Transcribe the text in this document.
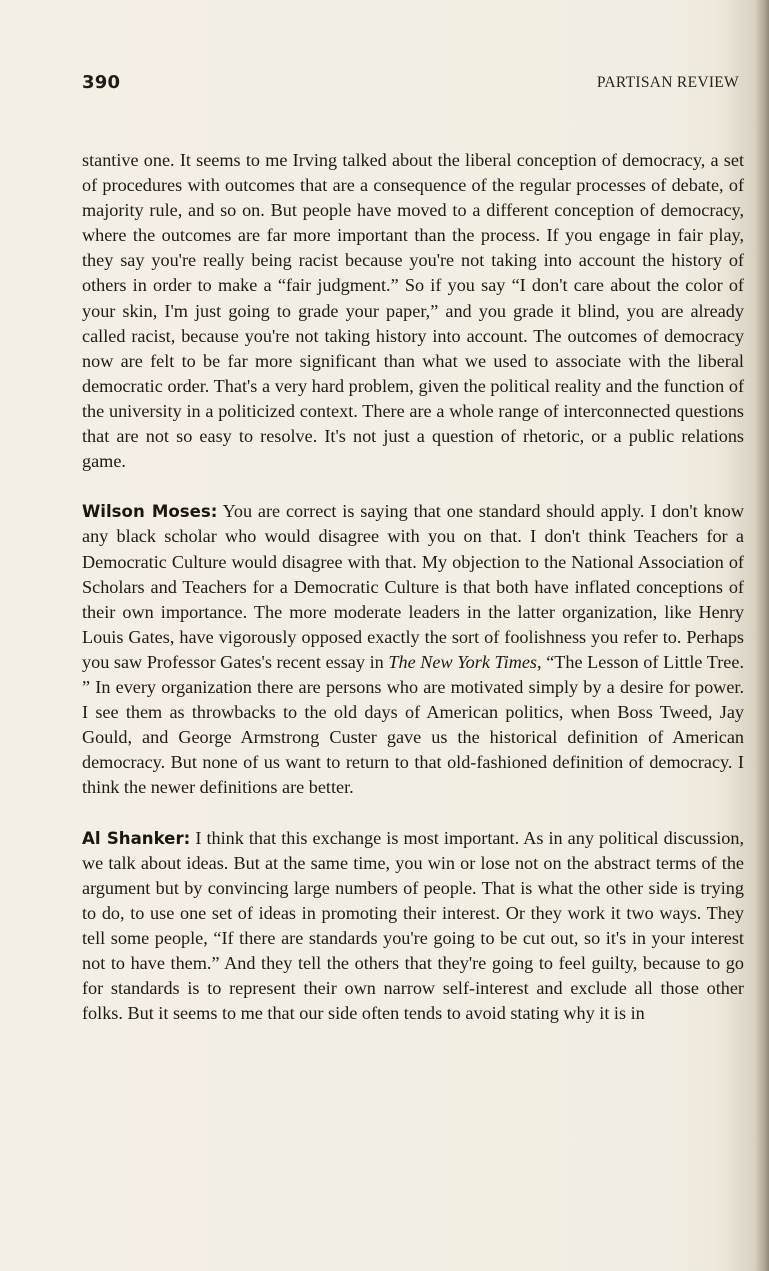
390	PARTISAN REVIEW

stantive one. It seems to me Irving talked about the liberal conception of democracy, a set of procedures with outcomes that are a consequence of the regular processes of debate, of majority rule, and so on. But people have moved to a different conception of democracy, where the outcomes are far more important than the process. If you engage in fair play, they say you're really being racist because you're not taking into account the history of others in order to make a “fair judgment.” So if you say “I don't care about the color of your skin, I'm just going to grade your paper,” and you grade it blind, you are already called racist, because you're not taking history into account. The outcomes of democracy now are felt to be far more significant than what we used to associate with the liberal democratic order. That's a very hard problem, given the political reality and the function of the university in a politicized context. There are a whole range of interconnected questions that are not so easy to resolve. It's not just a question of rhetoric, or a public relations game.

Wilson Moses: You are correct is saying that one standard should apply. I don't know any black scholar who would disagree with you on that. I don't think Teachers for a Democratic Culture would disagree with that. My objection to the National Association of Scholars and Teachers for a Democratic Culture is that both have inflated conceptions of their own importance. The more moderate leaders in the latter organization, like Henry Louis Gates, have vigorously opposed exactly the sort of foolishness you refer to. Perhaps you saw Professor Gates's recent essay in The New York Times, “The Lesson of Little Tree. ” In every organization there are persons who are motivated simply by a desire for power. I see them as throwbacks to the old days of American politics, when Boss Tweed, Jay Gould, and George Armstrong Custer gave us the historical definition of American democracy. But none of us want to return to that old-fashioned definition of democracy. I think the newer definitions are better.

Al Shanker: I think that this exchange is most important. As in any political discussion, we talk about ideas. But at the same time, you win or lose not on the abstract terms of the argument but by convincing large numbers of people. That is what the other side is trying to do, to use one set of ideas in promoting their interest. Or they work it two ways. They tell some people, “If there are standards you're going to be cut out, so it's in your interest not to have them.” And they tell the others that they're going to feel guilty, because to go for standards is to represent their own narrow self-interest and exclude all those other folks. But it seems to me that our side often tends to avoid stating why it is in
